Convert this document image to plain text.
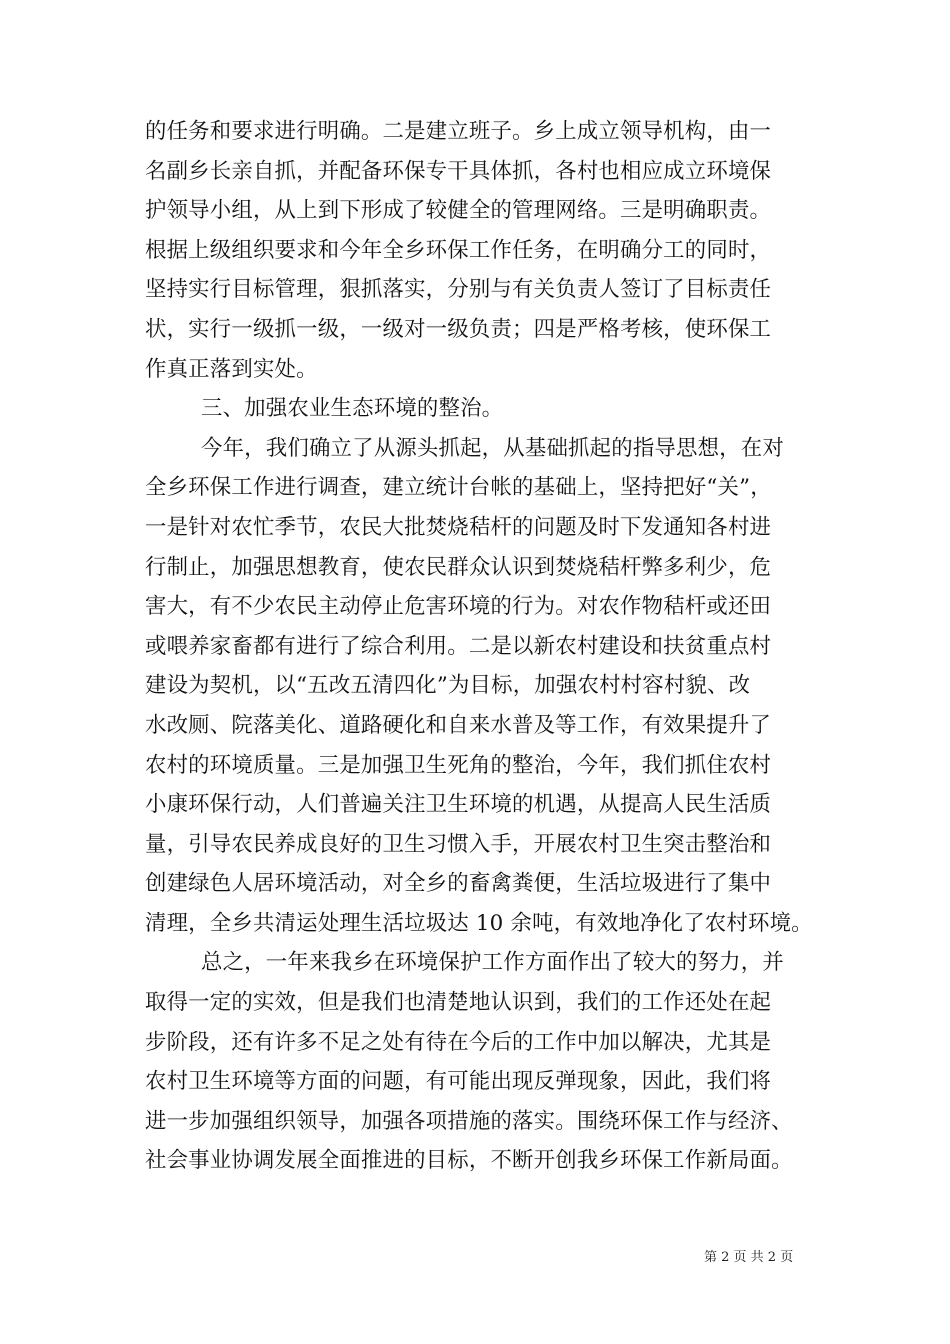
的任务和要求进行明确。二是建立班子。乡上成立领导机构，由一
名副乡长亲自抓，并配备环保专干具体抓，各村也相应成立环境保
护领导小组，从上到下形成了较健全的管理网络。三是明确职责。
根据上级组织要求和今年全乡环保工作任务，在明确分工的同时，
坚持实行目标管理，狠抓落实，分别与有关负责人签订了目标责任
状，实行一级抓一级，一级对一级负责；四是严格考核，使环保工
作真正落到实处。
三、加强农业生态环境的整治。
今年，我们确立了从源头抓起，从基础抓起的指导思想，在对
全乡环保工作进行调查，建立统计台帐的基础上，坚持把好“关”，
一是针对农忙季节，农民大批焚烧秸杆的问题及时下发通知各村进
行制止，加强思想教育，使农民群众认识到焚烧秸杆弊多利少，危
害大，有不少农民主动停止危害环境的行为。对农作物秸杆或还田
或喂养家畜都有进行了综合利用。二是以新农村建设和扶贫重点村
建设为契机，以“五改五清四化”为目标，加强农村村容村貌、改
水改厕、院落美化、道路硬化和自来水普及等工作，有效果提升了
农村的环境质量。三是加强卫生死角的整治，今年，我们抓住农村
小康环保行动，人们普遍关注卫生环境的机遇，从提高人民生活质
量，引导农民养成良好的卫生习惯入手，开展农村卫生突击整治和
创建绿色人居环境活动，对全乡的畜禽粪便，生活垃圾进行了集中
清理，全乡共清运处理生活垃圾达 10 余吨，有效地净化了农村环境。
总之，一年来我乡在环境保护工作方面作出了较大的努力，并
取得一定的实效，但是我们也清楚地认识到，我们的工作还处在起
步阶段，还有许多不足之处有待在今后的工作中加以解决，尤其是
农村卫生环境等方面的问题，有可能出现反弹现象，因此，我们将
进一步加强组织领导，加强各项措施的落实。围绕环保工作与经济、
社会事业协调发展全面推进的目标，不断开创我乡环保工作新局面。
第 2 页 共 2 页
